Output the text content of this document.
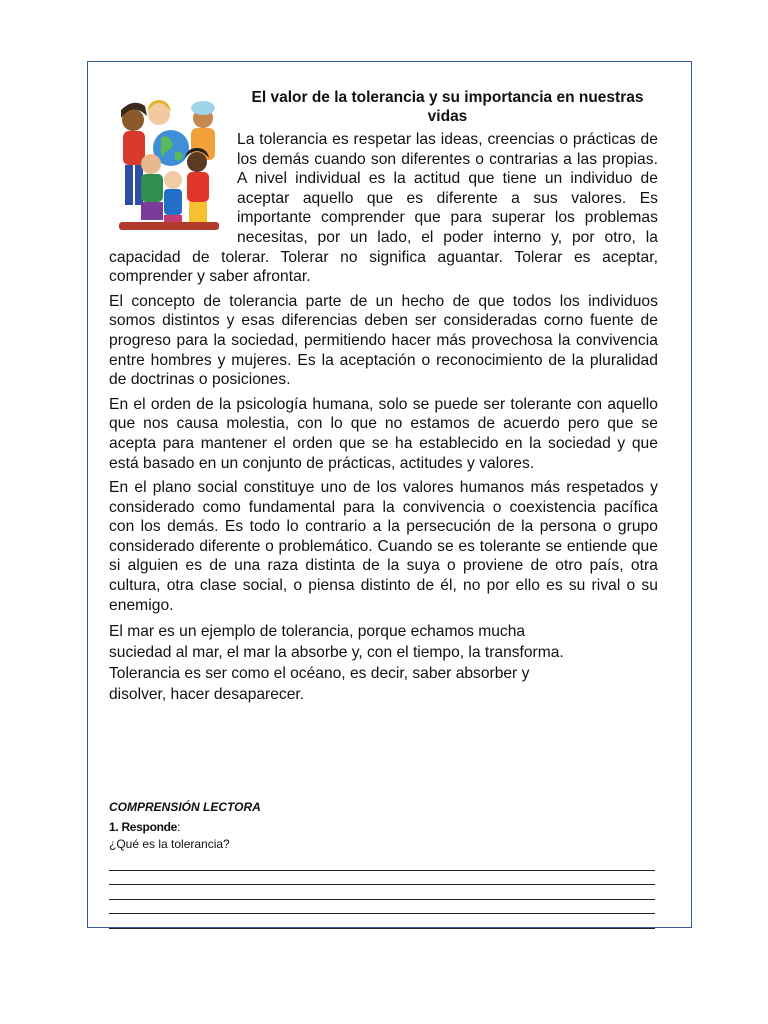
El valor de la tolerancia y su importancia en nuestras vidas

La tolerancia es respetar las ideas, creencias o prácticas de los demás cuando son diferentes o contrarias a las propias. A nivel individual es la actitud que tiene un individuo de aceptar aquello que es diferente a sus valores. Es importante comprender que para superar los problemas necesitas, por un lado, el poder interno y, por otro, la capacidad de tolerar. Tolerar no significa aguantar. Tolerar es aceptar, comprender y saber afrontar.

El concepto de tolerancia parte de un hecho de que todos los individuos somos distintos y esas diferencias deben ser consideradas corno fuente de progreso para la sociedad, permitiendo hacer más provechosa la convivencia entre hombres y mujeres. Es la aceptación o reconocimiento de la pluralidad de doctrinas o posiciones.

En el orden de la psicología humana, solo se puede ser tolerante con aquello que nos causa molestia, con lo que no estamos de acuerdo pero que se acepta para mantener el orden que se ha establecido en la sociedad y que está basado en un conjunto de prácticas, actitudes y valores.

En el plano social constituye uno de los valores humanos más respetados y considerado como fundamental para la convivencia o coexistencia pacífica con los demás. Es todo lo contrario a la persecución de la persona o grupo considerado diferente o problemático. Cuando se es tolerante se entiende que si alguien es de una raza distinta de la suya o proviene de otro país, otra cultura, otra clase social, o piensa distinto de él, no por ello es su rival o su enemigo.

El mar es un ejemplo de tolerancia, porque echamos mucha
suciedad al mar, el mar la absorbe y, con el tiempo, la transforma.
Tolerancia es ser como el océano, es decir, saber absorber y
disolver, hacer desaparecer.

COMPRENSIÓN LECTORA

1. Responde:

¿Qué es la tolerancia?
